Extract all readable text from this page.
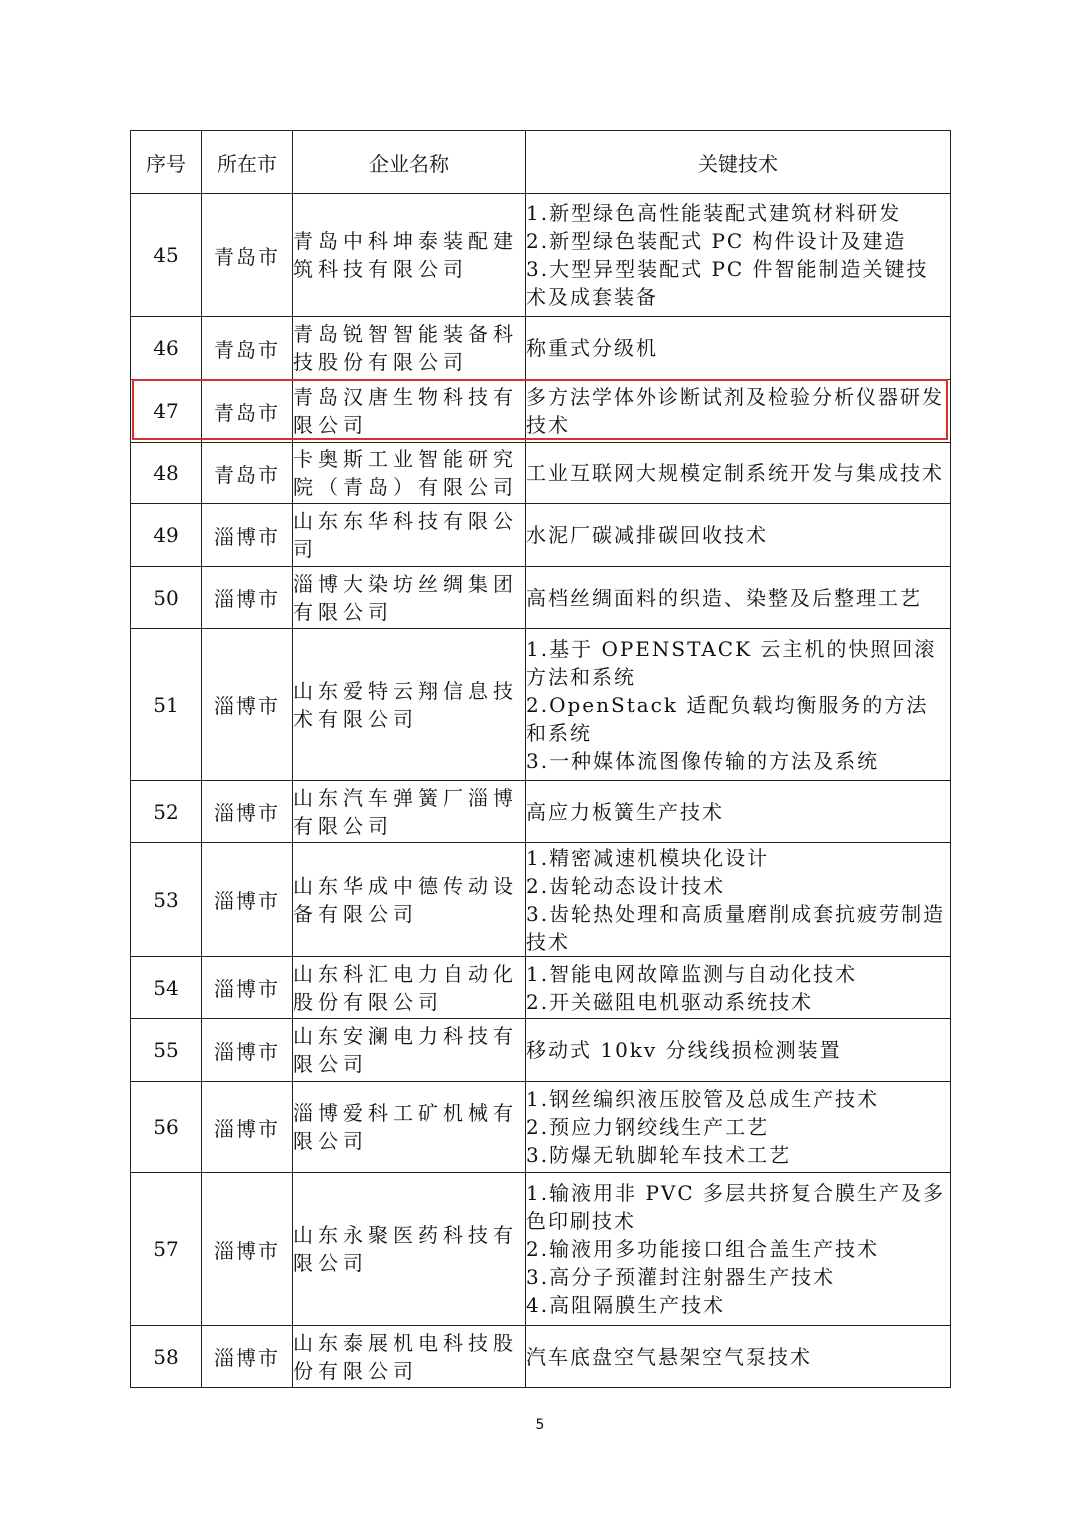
序号	所在市	企业名称	关键技术
45	青岛市	青岛中科坤泰装配建筑科技有限公司	1.新型绿色高性能装配式建筑材料研发
2.新型绿色装配式 PC 构件设计及建造
3.大型异型装配式 PC 件智能制造关键技术及成套装备

46	青岛市	青岛锐智智能装备科技股份有限公司	称重式分级机

47	青岛市	青岛汉唐生物科技有限公司	多方法学体外诊断试剂及检验分析仪器研发技术

48	青岛市	卡奥斯工业智能研究院（青岛）有限公司	工业互联网大规模定制系统开发与集成技术

49	淄博市	山东东华科技有限公司	水泥厂碳减排碳回收技术

50	淄博市	淄博大染坊丝绸集团有限公司	高档丝绸面料的织造、染整及后整理工艺

51	淄博市	山东爱特云翔信息技术有限公司	1.基于 OPENSTACK 云主机的快照回滚方法和系统
2.OpenStack 适配负载均衡服务的方法和系统
3.一种媒体流图像传输的方法及系统

52	淄博市	山东汽车弹簧厂淄博有限公司	高应力板簧生产技术

53	淄博市	山东华成中德传动设备有限公司	1.精密减速机模块化设计
2.齿轮动态设计技术
3.齿轮热处理和高质量磨削成套抗疲劳制造技术

54	淄博市	山东科汇电力自动化股份有限公司	1.智能电网故障监测与自动化技术
2.开关磁阻电机驱动系统技术

55	淄博市	山东安澜电力科技有限公司	移动式 10kv 分线线损检测装置

56	淄博市	淄博爱科工矿机械有限公司	1.钢丝编织液压胶管及总成生产技术
2.预应力钢绞线生产工艺
3.防爆无轨脚轮车技术工艺

57	淄博市	山东永聚医药科技有限公司	1.输液用非 PVC 多层共挤复合膜生产及多色印刷技术
2.输液用多功能接口组合盖生产技术
3.高分子预灌封注射器生产技术
4.高阻隔膜生产技术

58	淄博市	山东泰展机电科技股份有限公司	汽车底盘空气悬架空气泵技术
5
